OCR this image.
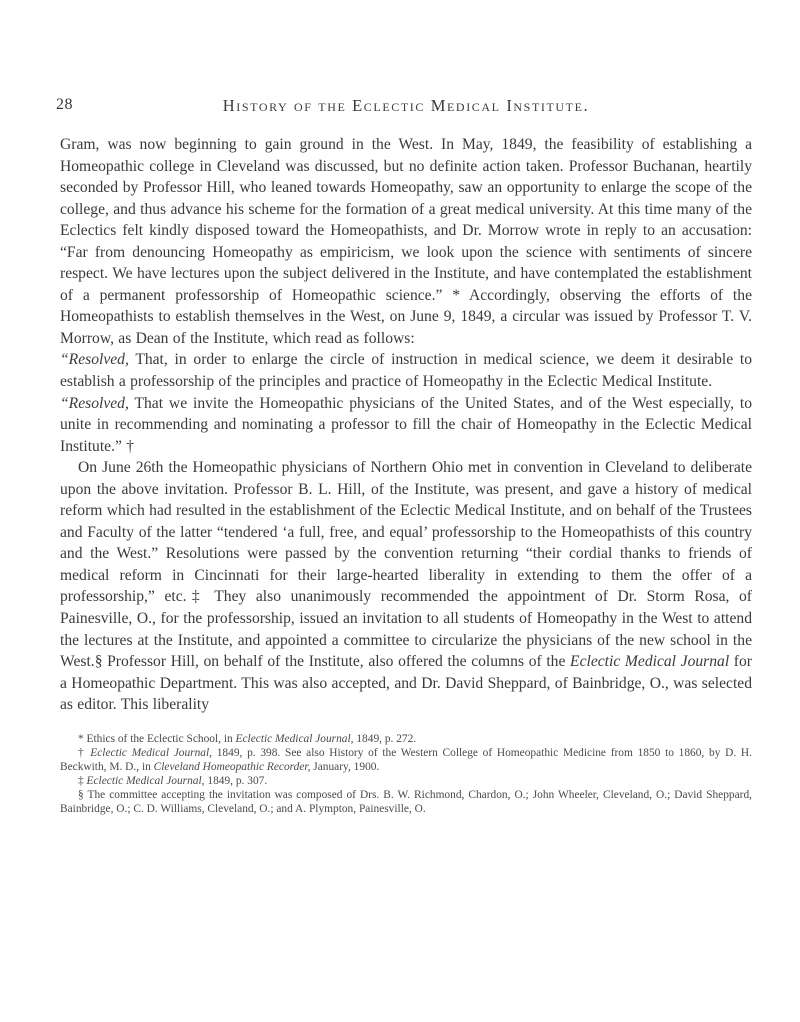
28	History of the Eclectic Medical Institute.

Gram, was now beginning to gain ground in the West. In May, 1849, the feasibility of establishing a Homeopathic college in Cleveland was discussed, but no definite action taken. Professor Buchanan, heartily seconded by Professor Hill, who leaned towards Homeopathy, saw an opportunity to enlarge the scope of the college, and thus advance his scheme for the formation of a great medical university. At this time many of the Eclectics felt kindly disposed toward the Homeopathists, and Dr. Morrow wrote in reply to an accusation: “Far from denouncing Homeopathy as empiricism, we look upon the science with sentiments of sincere respect. We have lectures upon the subject delivered in the Institute, and have contemplated the establishment of a permanent professorship of Homeopathic science.” * Accordingly, observing the efforts of the Homeopathists to establish themselves in the West, on June 9, 1849, a circular was issued by Professor T. V. Morrow, as Dean of the Institute, which read as follows:

“Resolved, That, in order to enlarge the circle of instruction in medical science, we deem it desirable to establish a professorship of the principles and practice of Homeopathy in the Eclectic Medical Institute.

“Resolved, That we invite the Homeopathic physicians of the United States, and of the West especially, to unite in recommending and nominating a professor to fill the chair of Homeopathy in the Eclectic Medical Institute.” †

On June 26th the Homeopathic physicians of Northern Ohio met in convention in Cleveland to deliberate upon the above invitation. Professor B. L. Hill, of the Institute, was present, and gave a history of medical reform which had resulted in the establishment of the Eclectic Medical Institute, and on behalf of the Trustees and Faculty of the latter “tendered ‘a full, free, and equal’ professorship to the Homeopathists of this country and the West.” Resolutions were passed by the convention returning “their cordial thanks to friends of medical reform in Cincinnati for their large-hearted liberality in extending to them the offer of a professorship,” etc.‡ They also unanimously recommended the appointment of Dr. Storm Rosa, of Painesville, O., for the professorship, issued an invitation to all students of Homeopathy in the West to attend the lectures at the Institute, and appointed a committee to circularize the physicians of the new school in the West.§ Professor Hill, on behalf of the Institute, also offered the columns of the Eclectic Medical Journal for a Homeopathic Department. This was also accepted, and Dr. David Sheppard, of Bainbridge, O., was selected as editor. This liberality

* Ethics of the Eclectic School, in Eclectic Medical Journal, 1849, p. 272.

† Eclectic Medical Journal, 1849, p. 398. See also History of the Western College of Homeopathic Medicine from 1850 to 1860, by D. H. Beckwith, M. D., in Cleveland Homeopathic Recorder, January, 1900.

‡ Eclectic Medical Journal, 1849, p. 307.

§ The committee accepting the invitation was composed of Drs. B. W. Richmond, Chardon, O.; John Wheeler, Cleveland, O.; David Sheppard, Bainbridge, O.; C. D. Williams, Cleveland, O.; and A. Plympton, Painesville, O.
